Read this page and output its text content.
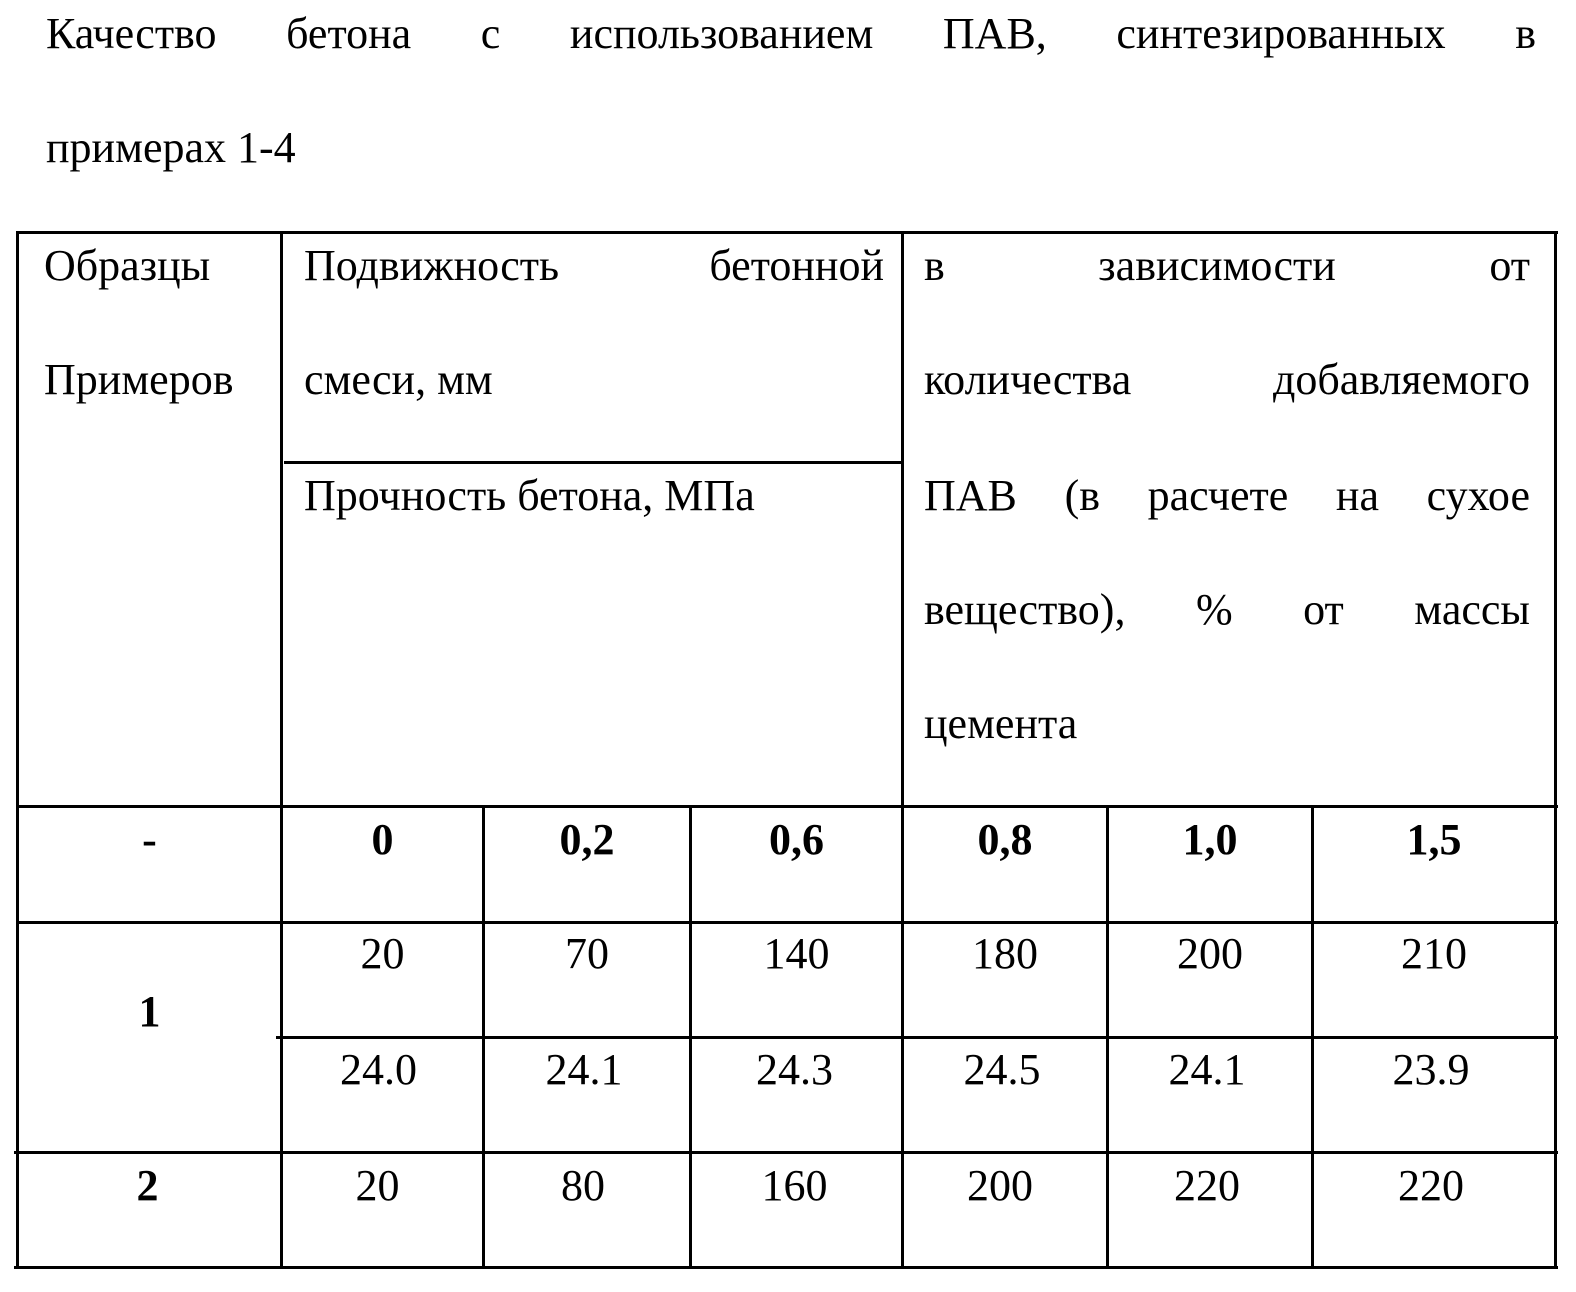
Качество бетона с использованием ПАВ, синтезированных в
примерах 1-4
Образцы
Примеров
Подвижность	бетонной
смеси, мм
Прочность бетона, МПа
в	зависимости	от
количества	добавляемого
ПАВ (в расчете на сухое
вещество), % от массы
цемента
-	0	0,2	0,6	0,8	1,0	1,5
1
20	70	140	180	200	210
24.0	24.1	24.3	24.5	24.1	23.9
2	20	80	160	200	220	220
